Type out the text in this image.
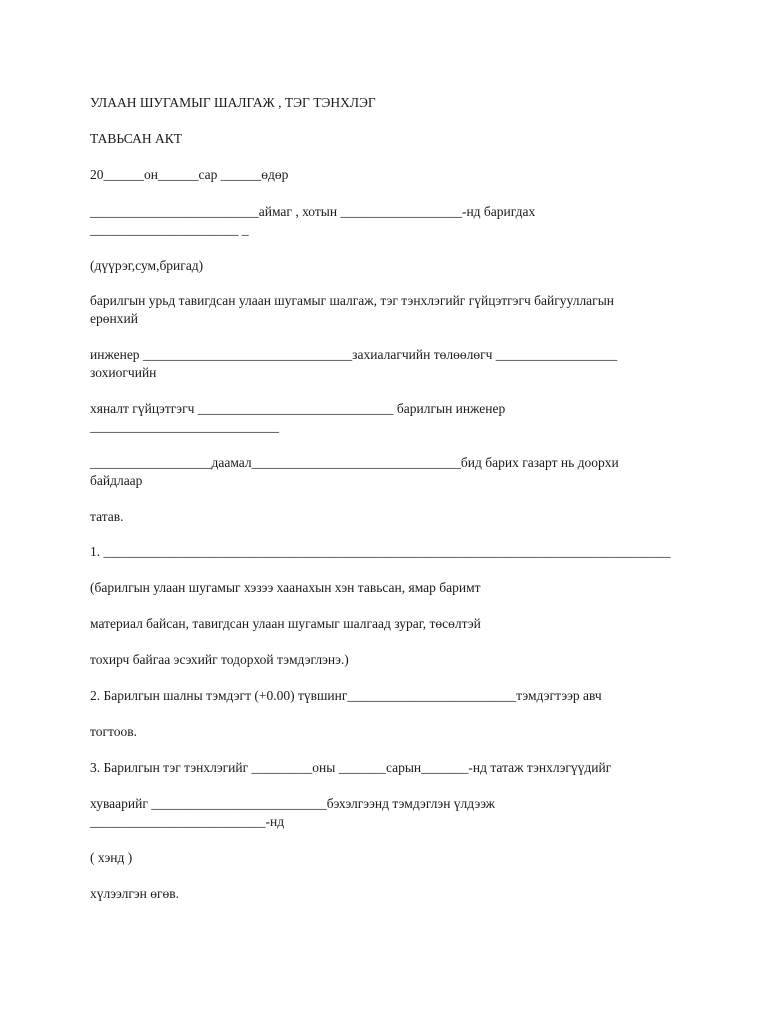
УЛААН ШУГАМЫГ ШАЛГАЖ , ТЭГ ТЭНХЛЭГ

ТАВЬСАН АКТ

20______он______сар ______өдөр

_________________________аймаг , хотын __________________-нд баригдах

______________________ _

(дүүрэг,сум,бригад)

барилгын урьд тавигдсан улаан шугамыг шалгаж, тэг тэнхлэгийг гүйцэтгэгч байгууллагын

ерөнхий

инженер _______________________________захиалагчийн төлөөлөгч __________________

зохиогчийн

хяналт гүйцэтгэгч _____________________________ барилгын инженер

____________________________

__________________даамал_______________________________бид барих газарт нь доорхи

байдлаар

татав.

1. ____________________________________________________________________________________

(барилгын улаан шугамыг хэзээ хаанахын хэн тавьсан, ямар баримт

материал байсан, тавигдсан улаан шугамыг шалгаад зураг, төсөлтэй

тохирч байгаа эсэхийг тодорхой тэмдэглэнэ.)

2. Барилгын шалны тэмдэгт (+0.00) түвшинг_________________________тэмдэгтээр авч

тогтоов.

3. Барилгын тэг тэнхлэгийг _________оны _______сарын_______-нд татаж тэнхлэгүүдийг

хуваарийг __________________________бэхэлгээнд тэмдэглэн үлдээж

__________________________-нд

( хэнд )

хүлээлгэн өгөв.
